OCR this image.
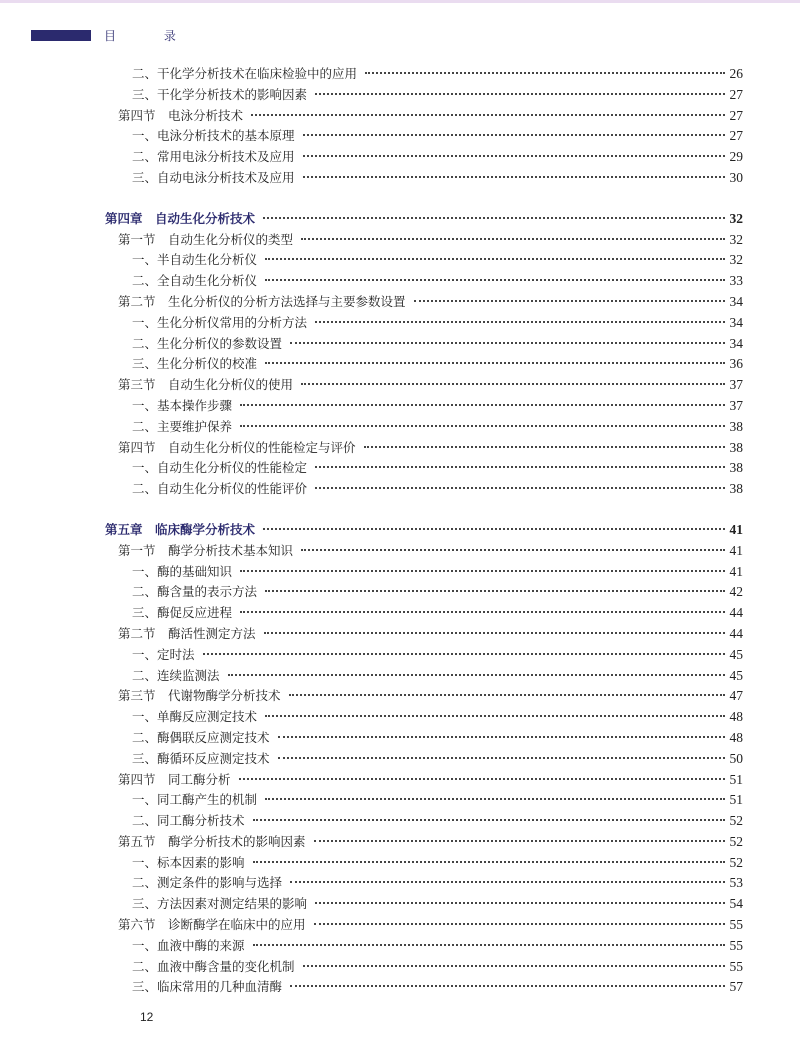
目 录
二、干化学分析技术在临床检验中的应用	26
三、干化学分析技术的影响因素	27
第四节　电泳分析技术	27
一、电泳分析技术的基本原理	27
二、常用电泳分析技术及应用	29
三、自动电泳分析技术及应用	30
第四章　自动生化分析技术	32
第一节　自动生化分析仪的类型	32
一、半自动生化分析仪	32
二、全自动生化分析仪	33
第二节　生化分析仪的分析方法选择与主要参数设置	34
一、生化分析仪常用的分析方法	34
二、生化分析仪的参数设置	34
三、生化分析仪的校准	36
第三节　自动生化分析仪的使用	37
一、基本操作步骤	37
二、主要维护保养	38
第四节　自动生化分析仪的性能检定与评价	38
一、自动生化分析仪的性能检定	38
二、自动生化分析仪的性能评价	38
第五章　临床酶学分析技术	41
第一节　酶学分析技术基本知识	41
一、酶的基础知识	41
二、酶含量的表示方法	42
三、酶促反应进程	44
第二节　酶活性测定方法	44
一、定时法	45
二、连续监测法	45
第三节　代谢物酶学分析技术	47
一、单酶反应测定技术	48
二、酶偶联反应测定技术	48
三、酶循环反应测定技术	50
第四节　同工酶分析	51
一、同工酶产生的机制	51
二、同工酶分析技术	52
第五节　酶学分析技术的影响因素	52
一、标本因素的影响	52
二、测定条件的影响与选择	53
三、方法因素对测定结果的影响	54
第六节　诊断酶学在临床中的应用	55
一、血液中酶的来源	55
二、血液中酶含量的变化机制	55
三、临床常用的几种血清酶	57
12
